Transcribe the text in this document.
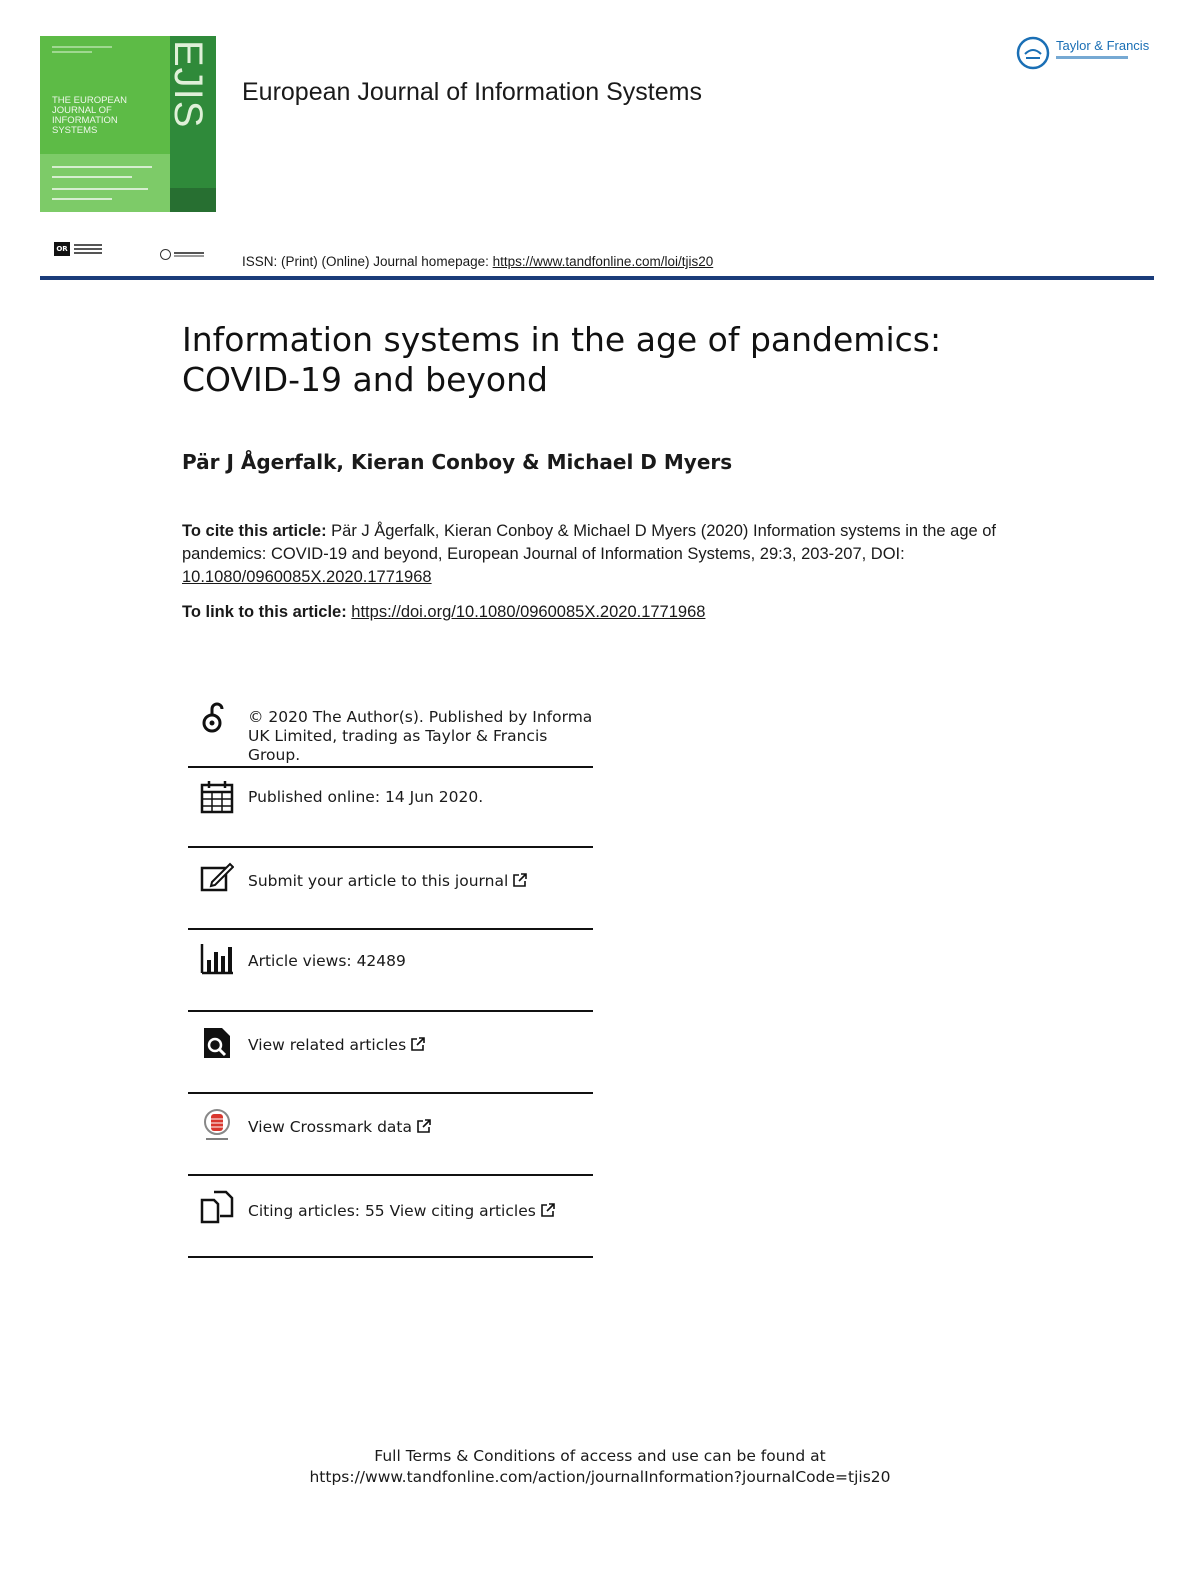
EJIS
THE EUROPEAN JOURNAL OF INFORMATION SYSTEMS
European Journal of Information Systems
Taylor & Francis
OR
ISSN: (Print) (Online) Journal homepage: https://www.tandfonline.com/loi/tjis20
Information systems in the age of pandemics:
COVID-19 and beyond
Pär J Ågerfalk, Kieran Conboy & Michael D Myers
To cite this article: Pär J Ågerfalk, Kieran Conboy & Michael D Myers (2020) Information systems in the age of pandemics: COVID-19 and beyond, European Journal of Information Systems, 29:3, 203-207, DOI: 10.1080/0960085X.2020.1771968
To link to this article: https://doi.org/10.1080/0960085X.2020.1771968
© 2020 The Author(s). Published by Informa UK Limited, trading as Taylor & Francis Group.
Published online: 14 Jun 2020.
Submit your article to this journal
Article views: 42489
View related articles
View Crossmark data
Citing articles: 55 View citing articles
Full Terms & Conditions of access and use can be found at
https://www.tandfonline.com/action/journalInformation?journalCode=tjis20
